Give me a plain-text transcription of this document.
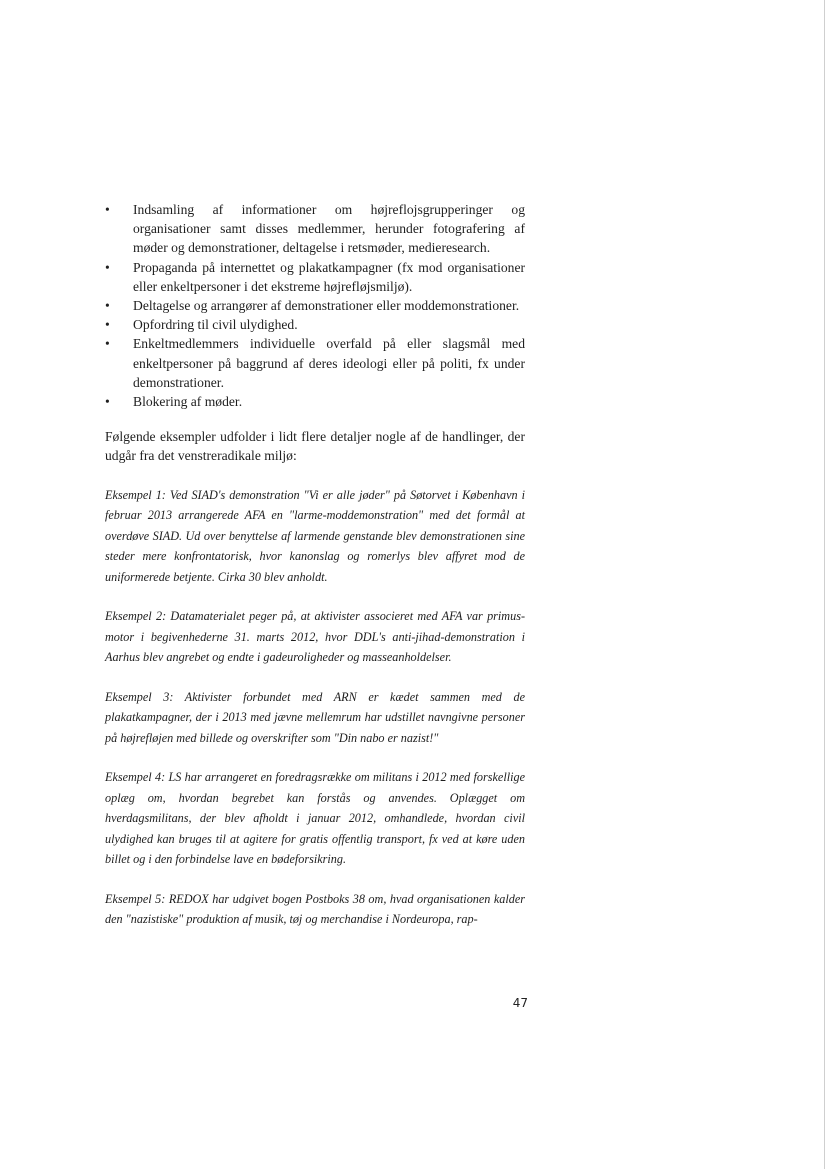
•	Indsamling af informationer om højreflojsgrupperinger og organisationer samt disses medlemmer, herunder fotografering af møder og demonstrationer, deltagelse i retsmøder, medieresearch.
•	Propaganda på internettet og plakatkampagner (fx mod organisationer eller enkeltpersoner i det ekstreme højrefløjsmiljø).
•	Deltagelse og arrangører af demonstrationer eller moddemonstrationer.
•	Opfordring til civil ulydighed.
•	Enkeltmedlemmers individuelle overfald på eller slagsmål med enkeltpersoner på baggrund af deres ideologi eller på politi, fx under demonstrationer.
•	Blokering af møder.

Følgende eksempler udfolder i lidt flere detaljer nogle af de handlinger, der udgår fra det venstreradikale miljø:

Eksempel 1: Ved SIAD's demonstration "Vi er alle jøder" på Søtorvet i København i februar 2013 arrangerede AFA en "larme-moddemonstration" med det formål at overdøve SIAD. Ud over benyttelse af larmende genstande blev demonstrationen sine steder mere konfrontatorisk, hvor kanonslag og romerlys blev affyret mod de uniformerede betjente. Cirka 30 blev anholdt.

Eksempel 2: Datamaterialet peger på, at aktivister associeret med AFA var primus-motor i begivenhederne 31. marts 2012, hvor DDL's anti-jihad-demonstration i Aarhus blev angrebet og endte i gadeuroligheder og masseanholdelser.

Eksempel 3: Aktivister forbundet med ARN er kædet sammen med de plakatkampagner, der i 2013 med jævne mellemrum har udstillet navngivne personer på højrefløjen med billede og overskrifter som "Din nabo er nazist!"

Eksempel 4: LS har arrangeret en foredragsrække om militans i 2012 med forskellige oplæg om, hvordan begrebet kan forstås og anvendes. Oplægget om hverdagsmilitans, der blev afholdt i januar 2012, omhandlede, hvordan civil ulydighed kan bruges til at agitere for gratis offentlig transport, fx ved at køre uden billet og i den forbindelse lave en bødeforsikring.

Eksempel 5: REDOX har udgivet bogen Postboks 38 om, hvad organisationen kalder den "nazistiske" produktion af musik, tøj og merchandise i Nordeuropa, rap-

47
